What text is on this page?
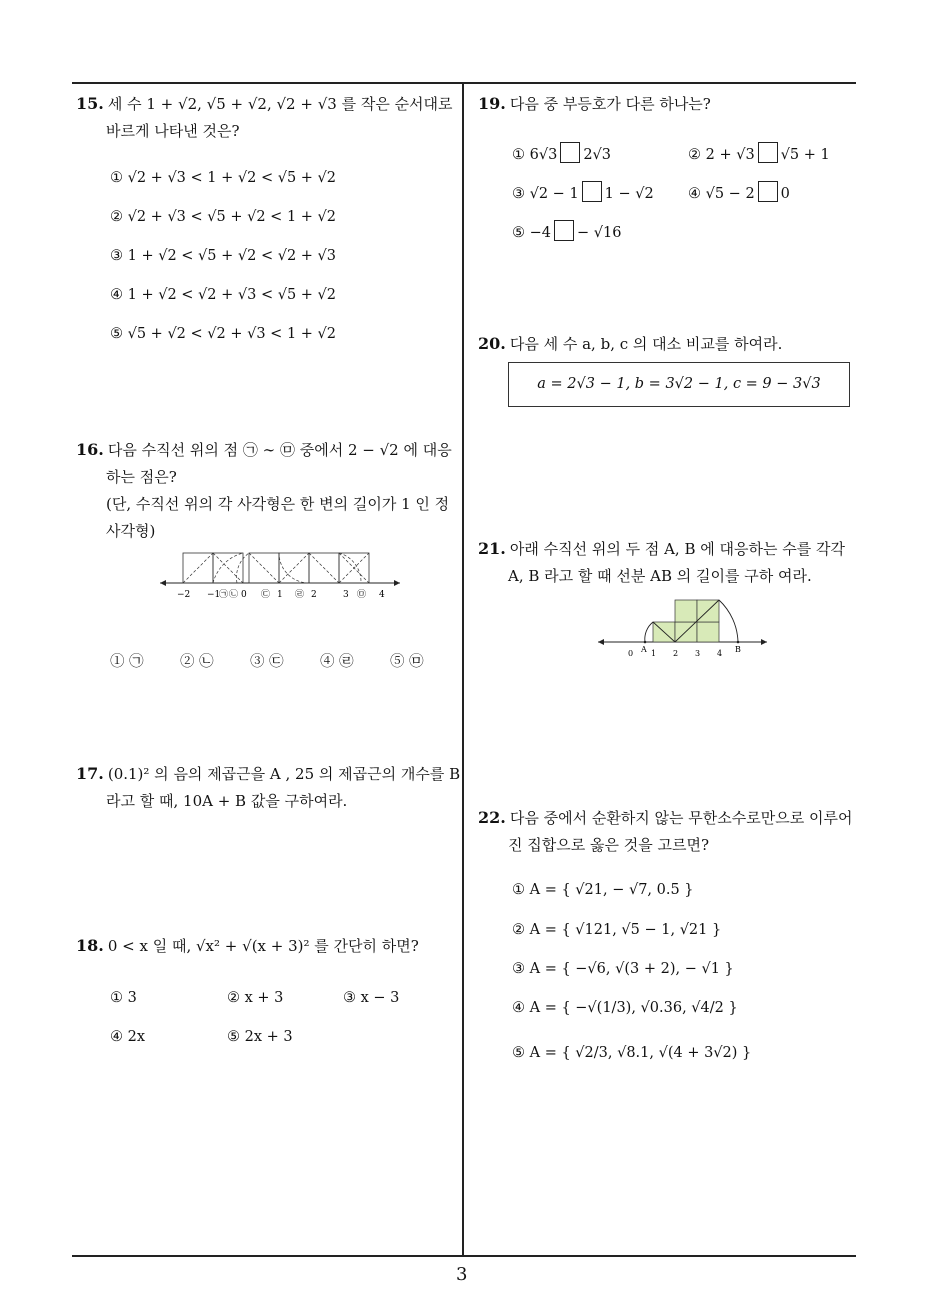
15. 세 수 1 + √2, √5 + √2, √2 + √3 를 작은 순서대로
바르게 나타낸 것은?
① √2 + √3 < 1 + √2 < √5 + √2
② √2 + √3 < √5 + √2 < 1 + √2
③ 1 + √2 < √5 + √2 < √2 + √3
④ 1 + √2 < √2 + √3 < √5 + √2
⑤ √5 + √2 < √2 + √3 < 1 + √2
16. 다음 수직선 위의 점 ㉠ ∼ ㉤ 중에서 2 − √2 에 대응
하는 점은?
(단, 수직선 위의 각 사각형은 한 변의 길이가 1 인 정
사각형)
−2 −1
㉠ ㉡ 0 ㉢ 1 ㉣ 2	3 ㉤ 4
① ㉠	② ㉡	③ ㉢	④ ㉣	⑤ ㉤
17. (0.1)² 의 음의 제곱근을 A , 25 의 제곱근의 개수를 B
라고 할 때, 10A + B 값을 구하여라.
18. 0 < x 일 때, √x² + √(x + 3)² 를 간단히 하면?
① 3	② x + 3	③ x − 3
④ 2x	⑤ 2x + 3
19. 다음 중 부등호가 다른 하나는?
① 6√3 2√3	② 2 + √3 √5 + 1
③ √2 − 1 1 − √2 ④ √5 − 2 0
⑤ −4 − √16
20. 다음 세 수 a, b, c 의 대소 비교를 하여라.
a = 2√3 − 1, b = 3√2 − 1, c = 9 − 3√3
21. 아래 수직선 위의 두 점 A, B 에 대응하는 수를 각각
A, B 라고 할 때 선분 AB 의 길이를 구하 여라.
0 A 1 2 3 4 B
22. 다음 중에서 순환하지 않는 무한소수로만으로 이루어
진 집합으로 옳은 것을 고르면?
① A = { √21, − √7, 0.5 }
② A = { √121, √5 − 1, √21 }
③ A = { −√6, √(3 + 2), − √1 }
④ A = { −√(1/3), √0.36, √4/2 }
⑤ A = { √2/3, √8.1, √(4 + 3√2) }
3
